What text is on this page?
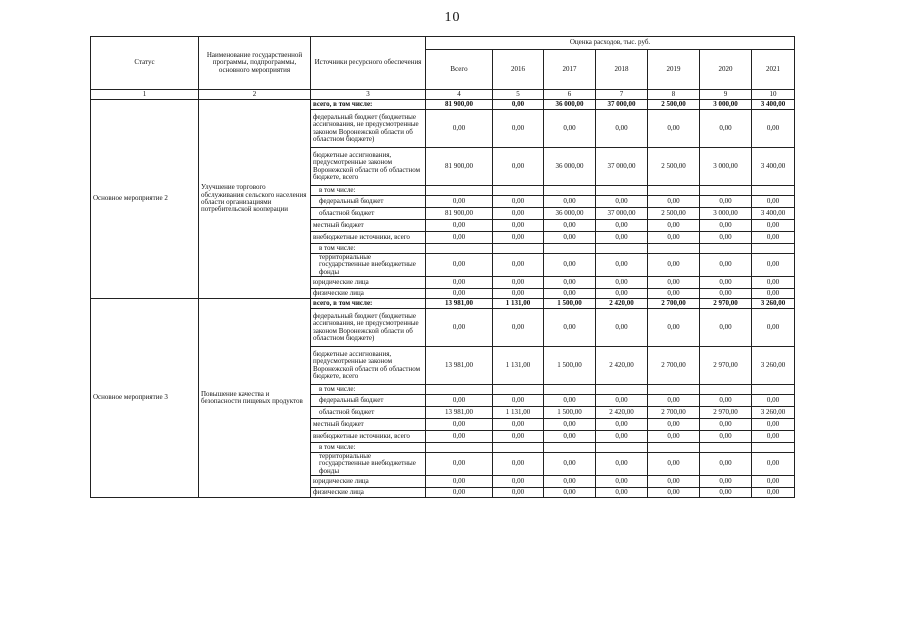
10
Статус	Наименование государственной программы, подпрограммы, основного мероприятия	Источники ресурсного обеспечения	Оценка расходов, тыс. руб.						
			Всего	2016	2017	2018	2019	2020	2021
1	2	3	4	5	6	7	8	9	10
Основное мероприятие 2	Улучшение торгового обслуживания сельского населения области организациями потребительской кооперации	всего, в том числе:	81 900,00	0,00	36 000,00	37 000,00	2 500,00	3 000,00	3 400,00
		федеральный бюджет (бюджетные ассигнования, не предусмотренные законом Воронежской области об областном бюджете)	0,00	0,00	0,00	0,00	0,00	0,00	0,00
		бюджетные ассигнования, предусмотренные законом Воронежской области об областном бюджете, всего	81 900,00	0,00	36 000,00	37 000,00	2 500,00	3 000,00	3 400,00
		в том числе:							
		федеральный бюджет	0,00	0,00	0,00	0,00	0,00	0,00	0,00
		областной бюджет	81 900,00	0,00	36 000,00	37 000,00	2 500,00	3 000,00	3 400,00
		местный бюджет	0,00	0,00	0,00	0,00	0,00	0,00	0,00
		внебюджетные источники, всего	0,00	0,00	0,00	0,00	0,00	0,00	0,00
		в том числе:							
		территориальные государственные внебюджетные фонды	0,00	0,00	0,00	0,00	0,00	0,00	0,00
		юридические лица	0,00	0,00	0,00	0,00	0,00	0,00	0,00
		физические лица	0,00	0,00	0,00	0,00	0,00	0,00	0,00
Основное мероприятие 3	Повышение качества и безопасности пищевых продуктов	всего, в том числе:	13 981,00	1 131,00	1 500,00	2 420,00	2 700,00	2 970,00	3 260,00
		федеральный бюджет (бюджетные ассигнования, не предусмотренные законом Воронежской области об областном бюджете)	0,00	0,00	0,00	0,00	0,00	0,00	0,00
		бюджетные ассигнования, предусмотренные законом Воронежской области об областном бюджете, всего	13 981,00	1 131,00	1 500,00	2 420,00	2 700,00	2 970,00	3 260,00
		в том числе:							
		федеральный бюджет	0,00	0,00	0,00	0,00	0,00	0,00	0,00
		областной бюджет	13 981,00	1 131,00	1 500,00	2 420,00	2 700,00	2 970,00	3 260,00
		местный бюджет	0,00	0,00	0,00	0,00	0,00	0,00	0,00
		внебюджетные источники, всего	0,00	0,00	0,00	0,00	0,00	0,00	0,00
		в том числе:							
		территориальные государственные внебюджетные фонды	0,00	0,00	0,00	0,00	0,00	0,00	0,00
		юридические лица	0,00	0,00	0,00	0,00	0,00	0,00	0,00
		физические лица	0,00	0,00	0,00	0,00	0,00	0,00	0,00
